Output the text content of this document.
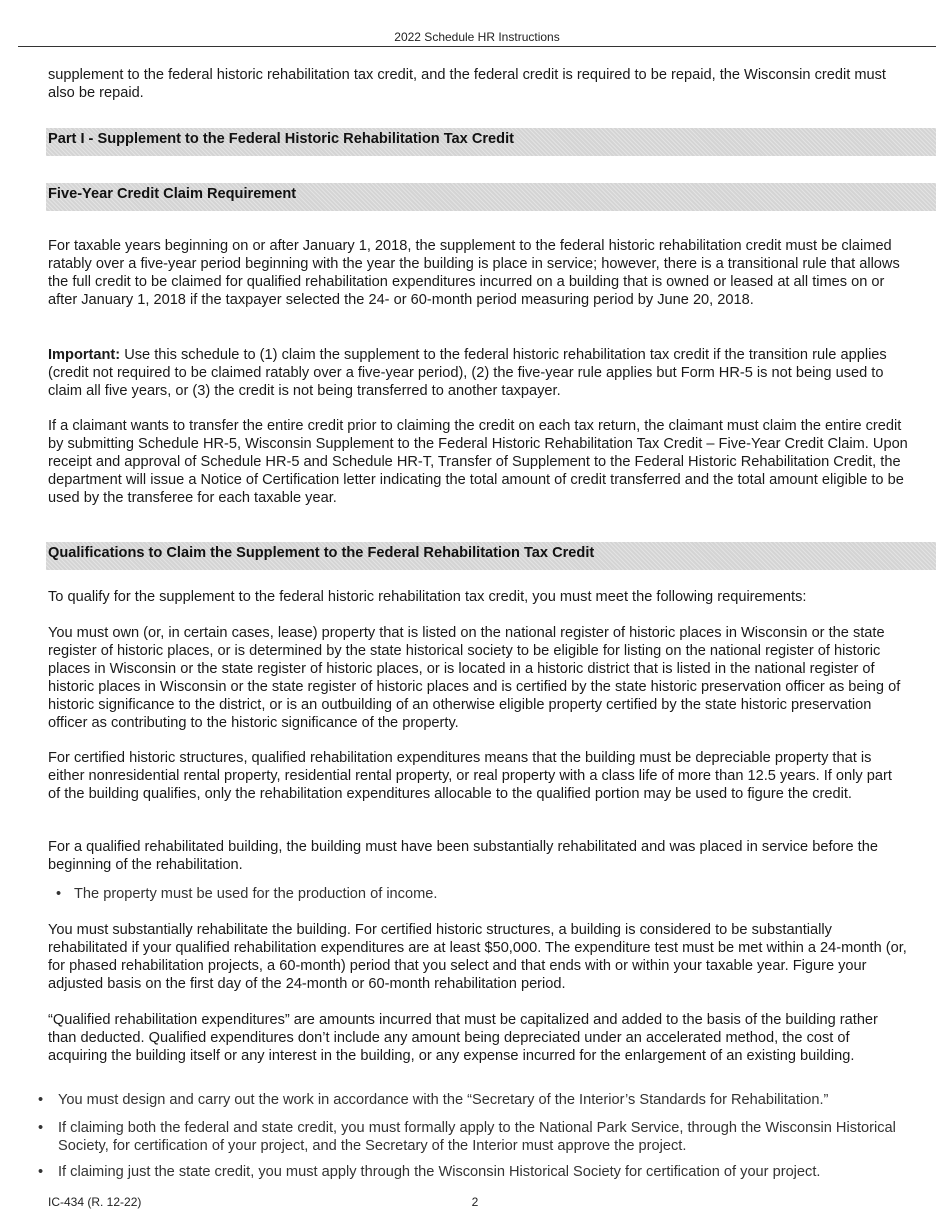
2022 Schedule HR Instructions

supplement to the federal historic rehabilitation tax credit, and the federal credit is required to be repaid, the Wisconsin credit must also be repaid.

Part I - Supplement to the Federal Historic Rehabilitation Tax Credit
Five-Year Credit Claim Requirement

For taxable years beginning on or after January 1, 2018, the supplement to the federal historic rehabilitation credit must be claimed ratably over a five-year period beginning with the year the building is place in service; however, there is a transitional rule that allows the full credit to be claimed for qualified rehabilitation expenditures incurred on a building that is owned or leased at all times on or after January 1, 2018 if the taxpayer selected the 24- or 60-month period measuring period by June 20, 2018.

Important: Use this schedule to (1) claim the supplement to the federal historic rehabilitation tax credit if the transition rule applies (credit not required to be claimed ratably over a five-year period), (2) the five-year rule applies but Form HR-5 is not being used to claim all five years, or (3) the credit is not being transferred to another taxpayer.

If a claimant wants to transfer the entire credit prior to claiming the credit on each tax return, the claimant must claim the entire credit by submitting Schedule HR-5, Wisconsin Supplement to the Federal Historic Rehabilitation Tax Credit – Five-Year Credit Claim. Upon receipt and approval of Schedule HR-5 and Schedule HR-T, Transfer of Supplement to the Federal Historic Rehabilitation Credit, the department will issue a Notice of Certification letter indicating the total amount of credit transferred and the total amount eligible to be used by the transferee for each taxable year.

Qualifications to Claim the Supplement to the Federal Rehabilitation Tax Credit

To qualify for the supplement to the federal historic rehabilitation tax credit, you must meet the following requirements:

You must own (or, in certain cases, lease) property that is listed on the national register of historic places in Wisconsin or the state register of historic places, or is determined by the state historical society to be eligible for listing on the national register of historic places in Wisconsin or the state register of historic places, or is located in a historic district that is listed in the national register of historic places in Wisconsin or the state register of historic places and is certified by the state historic preservation officer as being of historic significance to the district, or is an outbuilding of an otherwise eligible property certified by the state historic preservation officer as contributing to the historic significance of the property.

For certified historic structures, qualified rehabilitation expenditures means that the building must be depreciable property that is either nonresidential rental property, residential rental property, or real property with a class life of more than 12.5 years. If only part of the building qualifies, only the rehabilitation expenditures allocable to the qualified portion may be used to figure the credit.

For a qualified rehabilitated building, the building must have been substantially rehabilitated and was placed in service before the beginning of the rehabilitation.

• The property must be used for the production of income.

You must substantially rehabilitate the building. For certified historic structures, a building is considered to be substantially rehabilitated if your qualified rehabilitation expenditures are at least $50,000. The expenditure test must be met within a 24-month (or, for phased rehabilitation projects, a 60-month) period that you select and that ends with or within your taxable year. Figure your adjusted basis on the first day of the 24-month or 60-month rehabilitation period.

“Qualified rehabilitation expenditures” are amounts incurred that must be capitalized and added to the basis of the building rather than deducted. Qualified expenditures don’t include any amount being depreciated under an accelerated method, the cost of acquiring the building itself or any interest in the building, or any expense incurred for the enlargement of an existing building.

•	You must design and carry out the work in accordance with the “Secretary of the Interior’s Standards for Rehabilitation.”
•	If claiming both the federal and state credit, you must formally apply to the National Park Service, through the Wisconsin Historical Society, for certification of your project, and the Secretary of the Interior must approve the project.
•	If claiming just the state credit, you must apply through the Wisconsin Historical Society for certification of your project.
2
IC-434 (R. 12-22)
